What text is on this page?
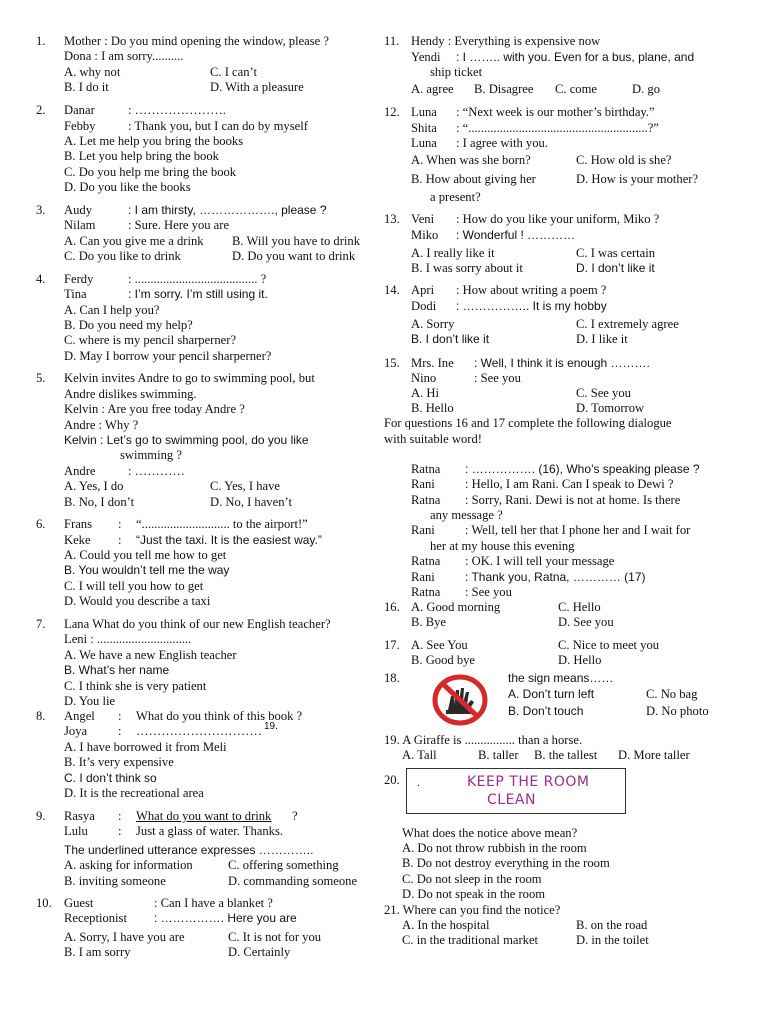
1. Mother : Do you mind opening the window, please ?
Dona : I am sorry..........
A. why not	C. I can’t
B. I do it	D. With a pleasure
2. Danar	: ………………….
Febby	: Thank you, but I can do by myself
A. Let me help you bring the books
B. Let you help bring the book
C. Do you help me bring the book
D. Do you like the books
3. Audy	: I am thirsty, ………………., please ?
Nilam	: Sure. Here you are
A. Can you give me a drink B. Will you have to drink
C. Do you like to drink	D. Do you want to drink
4. Ferdy	: ....................................... ?
Tina	: I’m sorry. I’m still using it.
A. Can I help you?
B. Do you need my help?
C. where is my pencil sharperner?
D. May I borrow your pencil sharperner?
5. Kelvin invites Andre to go to swimming pool, but
Andre dislikes swimming.
Kelvin : Are you free today Andre ?
Andre : Why ?
Kelvin : Let’s go to swimming pool, do you like
swimming ?
Andre	: …………
A. Yes, I do	C. Yes, I have
B. No, I don’t	D. No, I haven’t
6. Frans : “............................ to the airport!”
Keke : “Just the taxi. It is the easiest way.”
A. Could you tell me how to get
B. You wouldn’t tell me the way
C. I will tell you how to get
D. Would you describe a taxi
7. Lana What do you think of our new English teacher?
Leni : ..............................
A. We have a new English teacher
B. What’s her name
C. I think she is very patient
D. You lie
8. Angel : What do you think of this book ?
Joya : …………………………
A. I have borrowed it from Meli
B. It’s very expensive
C. I don’t think so
D. It is the recreational area
9. Rasya : What do you want to drink ?
Lulu : Just a glass of water. Thanks.
The underlined utterance expresses …………..
A. asking for information	C. offering something
B. inviting someone	D. commanding someone
10. Guest	: Can I have a blanket ?
Receptionist : ……………. Here you are
A. Sorry, I have you are	C. It is not for you
B. I am sorry	D. Certainly
11. Hendy : Everything is expensive now
Yendi : I …….. with you. Even for a bus, plane, and
ship ticket
A. agree B. Disagree C. come	D. go
12. Luna : “Next week is our mother’s birthday.”
Shita : “.........................................................?”
Luna : I agree with you.
A. When was she born?	C. How old is she?
B. How about giving her	D. How is your mother?
a present?
13. Veni : How do you like your uniform, Miko ?
Miko : Wonderful ! …………
A. I really like it	C. I was certain
B. I was sorry about it	D. I don’t like it
14. Apri : How about writing a poem ?
Dodi : …………….. It is my hobby
A. Sorry	C. I extremely agree
B. I don’t like it	D. I like it
15. Mrs. Ine : Well, I think it is enough ……….
Nino	: See you
A. Hi	C. See you
B. Hello	D. Tomorrow
For questions 16 and 17 complete the following dialogue
with suitable word!
Ratna : ……………. (16), Who’s speaking please ?
Rani : Hello, I am Rani. Can I speak to Dewi ?
Ratna : Sorry, Rani. Dewi is not at home. Is there
any message ?
Rani : Well, tell her that I phone her and I wait for
her at my house this evening
Ratna : OK. I will tell your message
Rani	: Thank you, Ratna, ………… (17)
Ratna : See you
16. A. Good morning	C. Hello
B. Bye	D. See you
17. A. See You	C. Nice to meet you
B. Good bye	D. Hello
18.	the sign means……
A. Don’t turn left	C. No bag
B. Don’t touch	D. No photo
19. A Giraffe is ................ than a horse.
A. Tall	B. taller B. the tallest D. More taller
20.
What does the notice above mean?
A. Do not throw rubbish in the room
B. Do not destroy everything in the room
C. Do not sleep in the room
D. Do not speak in the room
21. Where can you find the notice?
A. In the hospital	B. on the road
C. in the traditional market	D. in the toilet
19.
.	KEEP THE ROOM
CLEAN
